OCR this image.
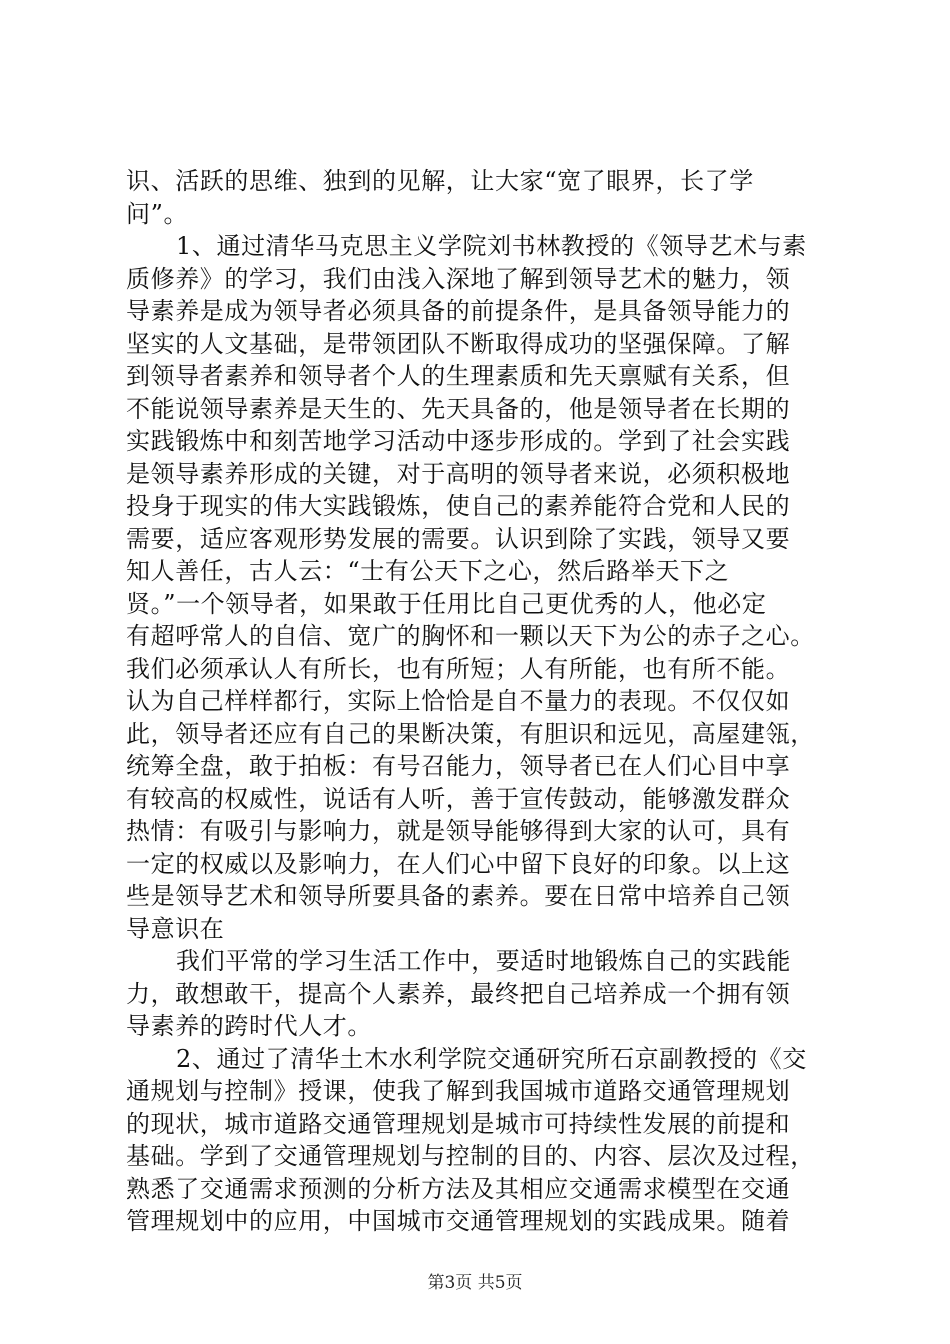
识、活跃的思维、独到的见解，让大家“宽了眼界，长了学
问”。
1、通过清华马克思主义学院刘书林教授的《领导艺术与素
质修养》的学习，我们由浅入深地了解到领导艺术的魅力，领
导素养是成为领导者必须具备的前提条件，是具备领导能力的
坚实的人文基础，是带领团队不断取得成功的坚强保障。了解
到领导者素养和领导者个人的生理素质和先天禀赋有关系，但
不能说领导素养是天生的、先天具备的，他是领导者在长期的
实践锻炼中和刻苦地学习活动中逐步形成的。学到了社会实践
是领导素养形成的关键，对于高明的领导者来说，必须积极地
投身于现实的伟大实践锻炼，使自己的素养能符合党和人民的
需要，适应客观形势发展的需要。认识到除了实践，领导又要
知人善任，古人云：“士有公天下之心，然后路举天下之
贤。”一个领导者，如果敢于任用比自己更优秀的人，他必定
有超呼常人的自信、宽广的胸怀和一颗以天下为公的赤子之心。
我们必须承认人有所长，也有所短；人有所能，也有所不能。
认为自己样样都行，实际上恰恰是自不量力的表现。不仅仅如
此，领导者还应有自己的果断决策，有胆识和远见，高屋建瓴，
统筹全盘，敢于拍板：有号召能力，领导者已在人们心目中享
有较高的权威性，说话有人听，善于宣传鼓动，能够激发群众
热情：有吸引与影响力，就是领导能够得到大家的认可，具有
一定的权威以及影响力，在人们心中留下良好的印象。以上这
些是领导艺术和领导所要具备的素养。要在日常中培养自己领
导意识在
我们平常的学习生活工作中，要适时地锻炼自己的实践能
力，敢想敢干，提高个人素养，最终把自己培养成一个拥有领
导素养的跨时代人才。
2、通过了清华土木水利学院交通研究所石京副教授的《交
通规划与控制》授课，使我了解到我国城市道路交通管理规划
的现状，城市道路交通管理规划是城市可持续性发展的前提和
基础。学到了交通管理规划与控制的目的、内容、层次及过程，
熟悉了交通需求预测的分析方法及其相应交通需求模型在交通
管理规划中的应用，中国城市交通管理规划的实践成果。随着
第3页 共5页
